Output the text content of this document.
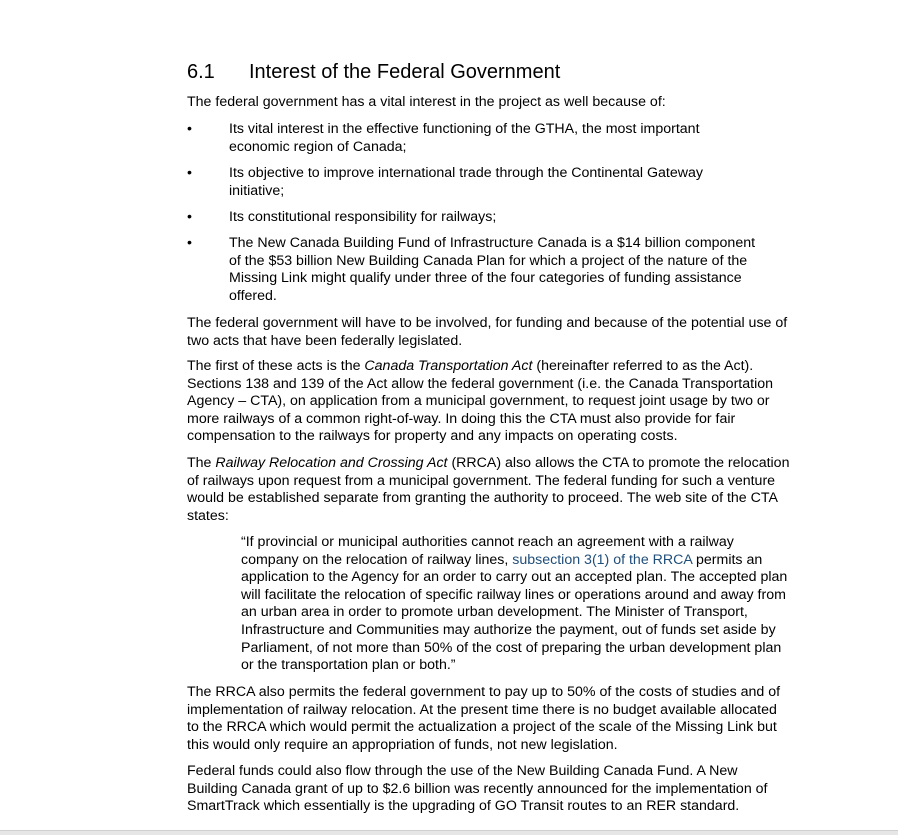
6.1 Interest of the Federal Government
The federal government has a vital interest in the project as well because of:
•	Its vital interest in the effective functioning of the GTHA, the most important
economic region of Canada;
•	Its objective to improve international trade through the Continental Gateway
initiative;
•	Its constitutional responsibility for railways;
•	The New Canada Building Fund of Infrastructure Canada is a $14 billion component
of the $53 billion New Building Canada Plan for which a project of the nature of the
Missing Link might qualify under three of the four categories of funding assistance
offered.
The federal government will have to be involved, for funding and because of the potential use of
two acts that have been federally legislated.
The first of these acts is the Canada Transportation Act (hereinafter referred to as the Act).
Sections 138 and 139 of the Act allow the federal government (i.e. the Canada Transportation
Agency – CTA), on application from a municipal government, to request joint usage by two or
more railways of a common right-of-way. In doing this the CTA must also provide for fair
compensation to the railways for property and any impacts on operating costs.
The Railway Relocation and Crossing Act (RRCA) also allows the CTA to promote the relocation
of railways upon request from a municipal government. The federal funding for such a venture
would be established separate from granting the authority to proceed. The web site of the CTA
states:
“If provincial or municipal authorities cannot reach an agreement with a railway
company on the relocation of railway lines, subsection 3(1) of the RRCA permits an
application to the Agency for an order to carry out an accepted plan. The accepted plan
will facilitate the relocation of specific railway lines or operations around and away from
an urban area in order to promote urban development. The Minister of Transport,
Infrastructure and Communities may authorize the payment, out of funds set aside by
Parliament, of not more than 50% of the cost of preparing the urban development plan
or the transportation plan or both.”
The RRCA also permits the federal government to pay up to 50% of the costs of studies and of
implementation of railway relocation. At the present time there is no budget available allocated
to the RRCA which would permit the actualization a project of the scale of the Missing Link but
this would only require an appropriation of funds, not new legislation.
Federal funds could also flow through the use of the New Building Canada Fund. A New
Building Canada grant of up to $2.6 billion was recently announced for the implementation of
SmartTrack which essentially is the upgrading of GO Transit routes to an RER standard.
